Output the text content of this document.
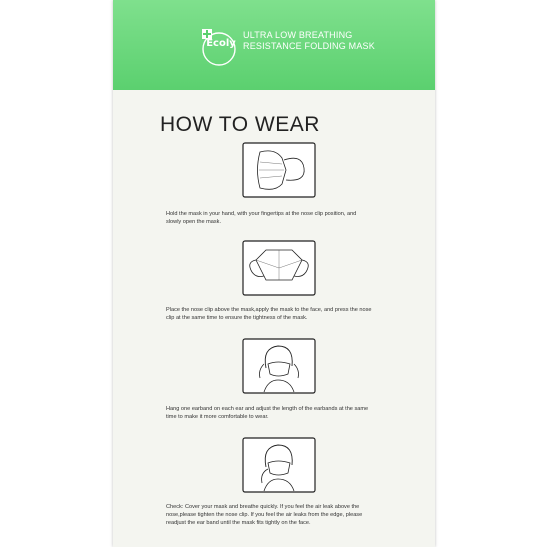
Ecoly
ULTRA LOW BREATHING
RESISTANCE FOLDING MASK
HOW TO WEAR
Hold the mask in your hand, with your fingertips at the nose clip position, and slowly open the mask.
Place the nose clip above the mask,apply the mask to the face, and press the nose clip at the same time to ensure the tightness of the mask.
Hang one earband on each ear and adjust the length of the earbands at the same time to make it more comfortable to wear.
Check: Cover your mask and breathe quickly. If you feel the air leak above the nose,please tighten the nose clip. If you feel the air leaks from the edge, please readjust the ear band until the mask fits tightly on the face.
